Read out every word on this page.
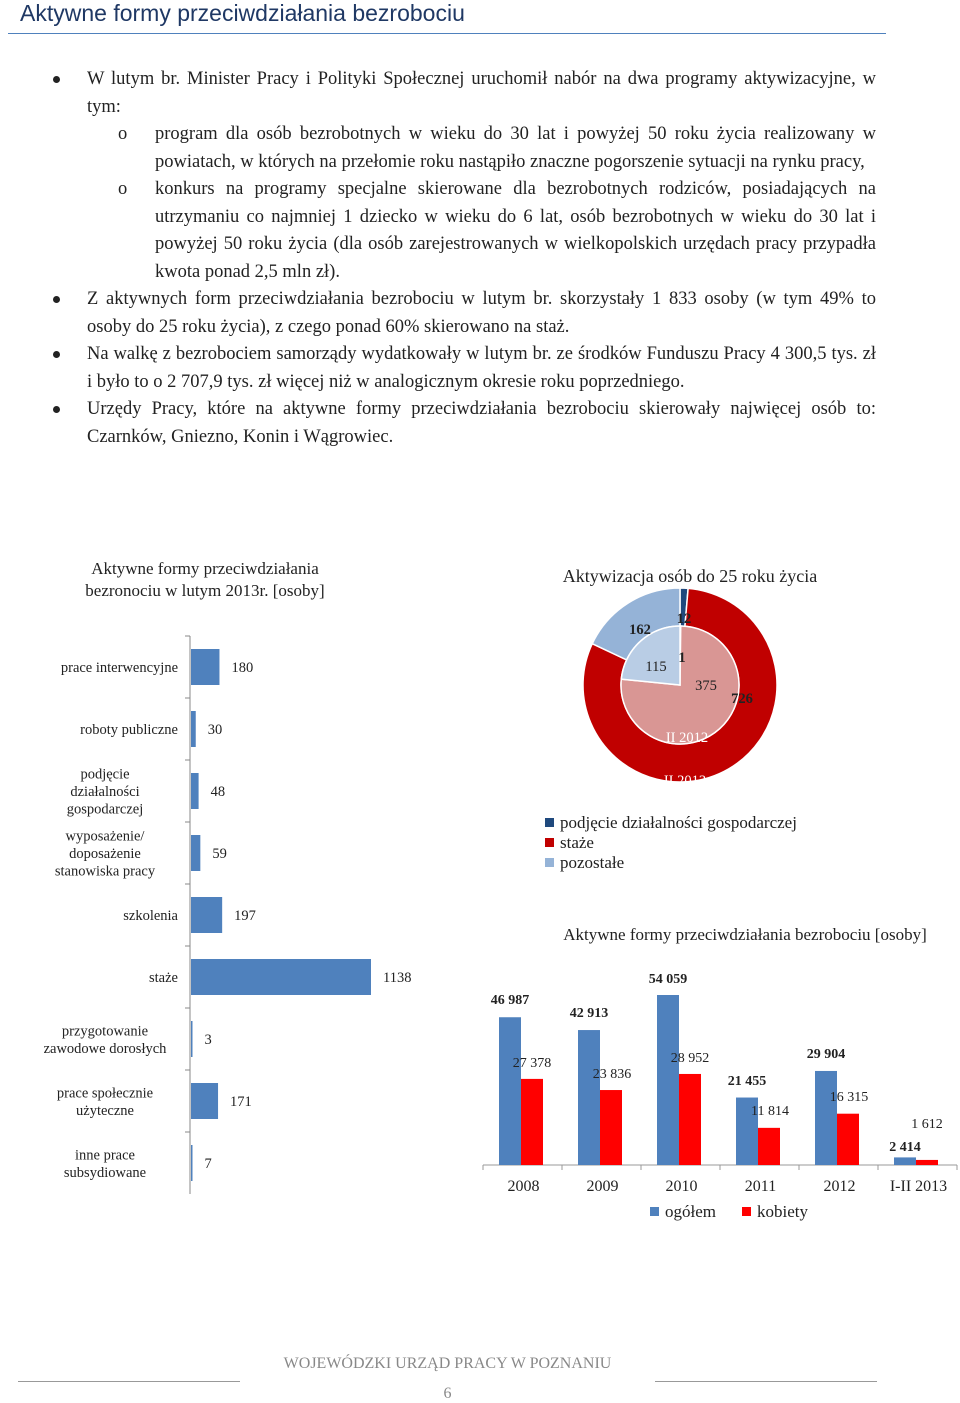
Aktywne formy przeciwdziałania bezrobociu

W lutym br. Minister Pracy i Polityki Społecznej uruchomił nabór na dwa programy aktywizacyjne, w tym:

o program dla osób bezrobotnych w wieku do 30 lat i powyżej 50 roku życia realizowany w powiatach, w których na przełomie roku nastąpiło znaczne pogorszenie sytuacji na rynku pracy,

o konkurs na programy specjalne skierowane dla bezrobotnych rodziców, posiadających na utrzymaniu co najmniej 1 dziecko w wieku do 6 lat, osób bezrobotnych w wieku do 30 lat i powyżej 50 roku życia (dla osób zarejestrowanych w wielkopolskich urzędach pracy przypadła kwota ponad 2,5 mln zł).

Z aktywnych form przeciwdziałania bezrobociu w lutym br. skorzystały 1 833 osoby (w tym 49% to osoby do 25 roku życia), z czego ponad 60% skierowano na staż.

Na walkę z bezrobociem samorządy wydatkowały w lutym br. ze środków Funduszu Pracy 4 300,5 tys. zł i było to o 2 707,9 tys. zł więcej niż w analogicznym okresie roku poprzedniego.

Urzędy Pracy, które na aktywne formy przeciwdziałania bezrobociu skierowały najwięcej osób to: Czarnków, Gniezno, Konin i Wągrowiec.

Aktywne formy przeciwdziałania bezronociu w lutym 2013r. [osoby]
180
prace interwencyjne
30
roboty publiczne
48
podjęcie działalności gospodarczej
59
wyposażenie/ doposażenie stanowiska pracy
197
szkolenia
1138
staże
3
przygotowanie zawodowe dorosłych
171
prace społecznie użyteczne
7
inne prace subsydiowane
Aktywizacja osób do 25 roku życia
12
726
162
1
375
115
II 2012
II 2013
podjęcie działalności gospodarczej
staże
pozostałe
Aktywne formy przeciwdziałania bezrobociu [osoby]
2008	2009	2010	2011	2012 I-II 2013
46 987
42 913
54 059
21 455
29 904
2 414
27 378
23 836
28 952
11 814
16 315
1 612
ogółem	kobiety
WOJEWÓDZKI URZĄD PRACY W POZNANIU
6
